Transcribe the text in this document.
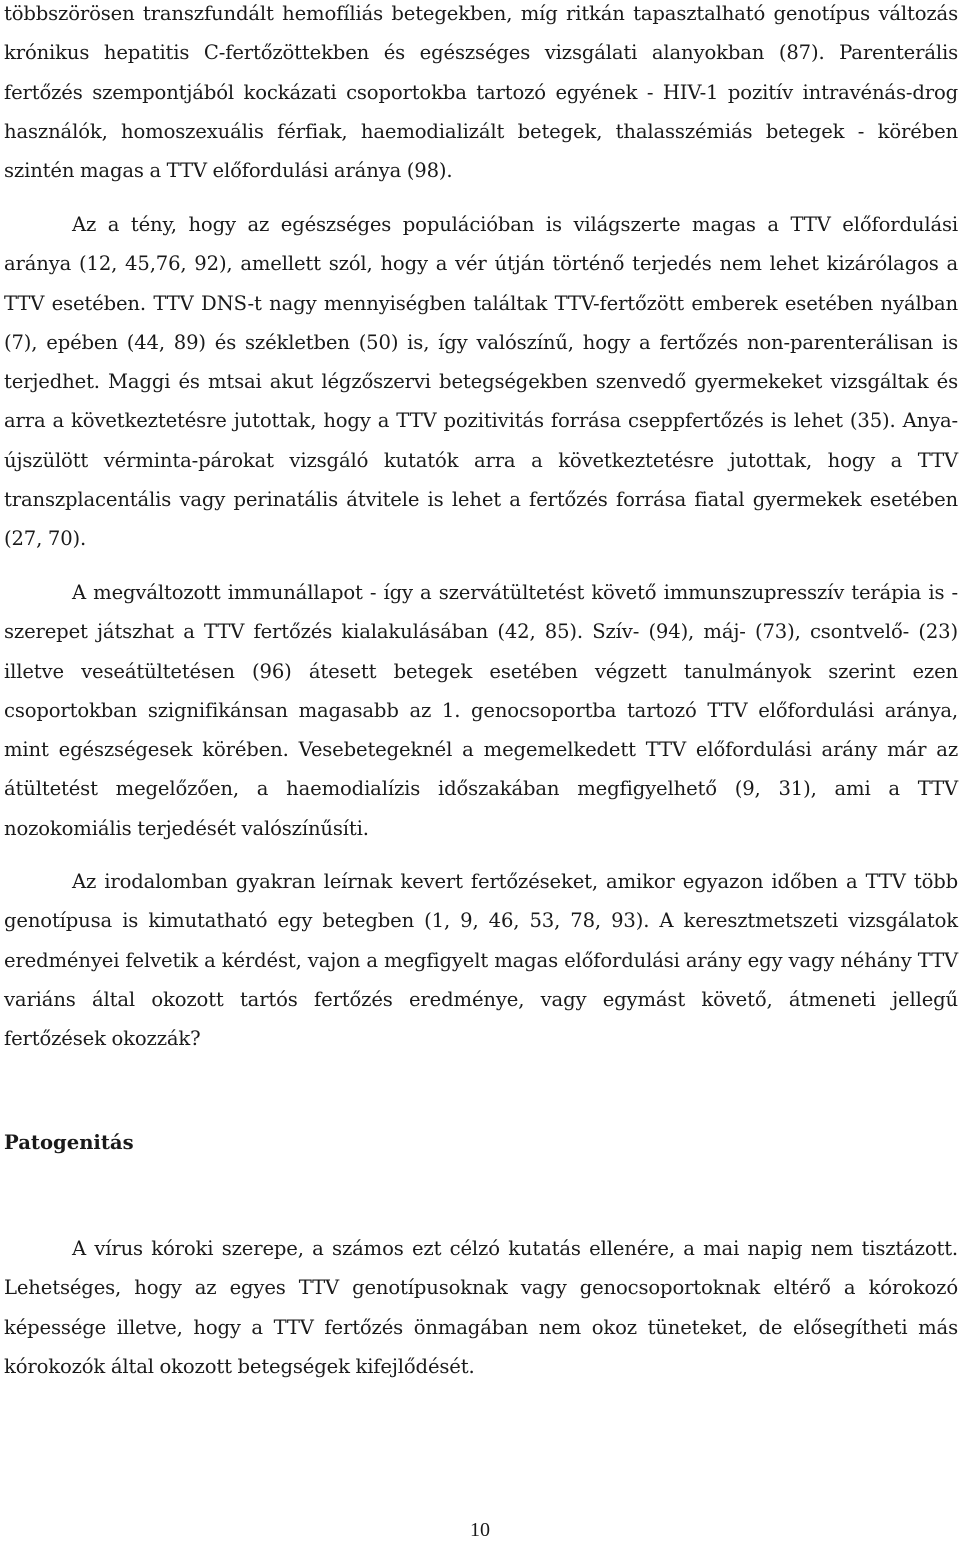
többszörösen transzfundált hemofíliás betegekben, míg ritkán tapasztalható genotípus változás krónikus hepatitis C-fertőzöttekben és egészséges vizsgálati alanyokban (87). Parenterális fertőzés szempontjából kockázati csoportokba tartozó egyének - HIV-1 pozitív intravénás-drog használók, homoszexuális férfiak, haemodializált betegek, thalasszémiás betegek - körében szintén magas a TTV előfordulási aránya (98).

Az a tény, hogy az egészséges populációban is világszerte magas a TTV előfordulási aránya (12, 45,76, 92), amellett szól, hogy a vér útján történő terjedés nem lehet kizárólagos a TTV esetében. TTV DNS-t nagy mennyiségben találtak TTV-fertőzött emberek esetében nyálban (7), epében (44, 89) és székletben (50) is, így valószínű, hogy a fertőzés non-parenterálisan is terjedhet. Maggi és mtsai akut légzőszervi betegségekben szenvedő gyermekeket vizsgáltak és arra a következtetésre jutottak, hogy a TTV pozitivitás forrása cseppfertőzés is lehet (35). Anya-újszülött vérminta-párokat vizsgáló kutatók arra a következtetésre jutottak, hogy a TTV transzplacentális vagy perinatális átvitele is lehet a fertőzés forrása fiatal gyermekek esetében (27, 70).

A megváltozott immunállapot - így a szervátültetést követő immunszupresszív terápia is - szerepet játszhat a TTV fertőzés kialakulásában (42, 85). Szív- (94), máj- (73), csontvelő- (23) illetve veseátültetésen (96) átesett betegek esetében végzett tanulmányok szerint ezen csoportokban szignifikánsan magasabb az 1. genocsoportba tartozó TTV előfordulási aránya, mint egészségesek körében. Vesebetegeknél a megemelkedett TTV előfordulási arány már az átültetést megelőzően, a haemodialízis időszakában megfigyelhető (9, 31), ami a TTV nozokomiális terjedését valószínűsíti.

Az irodalomban gyakran leírnak kevert fertőzéseket, amikor egyazon időben a TTV több genotípusa is kimutatható egy betegben (1, 9, 46, 53, 78, 93). A keresztmetszeti vizsgálatok eredményei felvetik a kérdést, vajon a megfigyelt magas előfordulási arány egy vagy néhány TTV variáns által okozott tartós fertőzés eredménye, vagy egymást követő, átmeneti jellegű fertőzések okozzák?

Patogenitás

A vírus kóroki szerepe, a számos ezt célzó kutatás ellenére, a mai napig nem tisztázott. Lehetséges, hogy az egyes TTV genotípusoknak vagy genocsoportoknak eltérő a kórokozó képessége illetve, hogy a TTV fertőzés önmagában nem okoz tüneteket, de elősegítheti más kórokozók által okozott betegségek kifejlődését.

10
